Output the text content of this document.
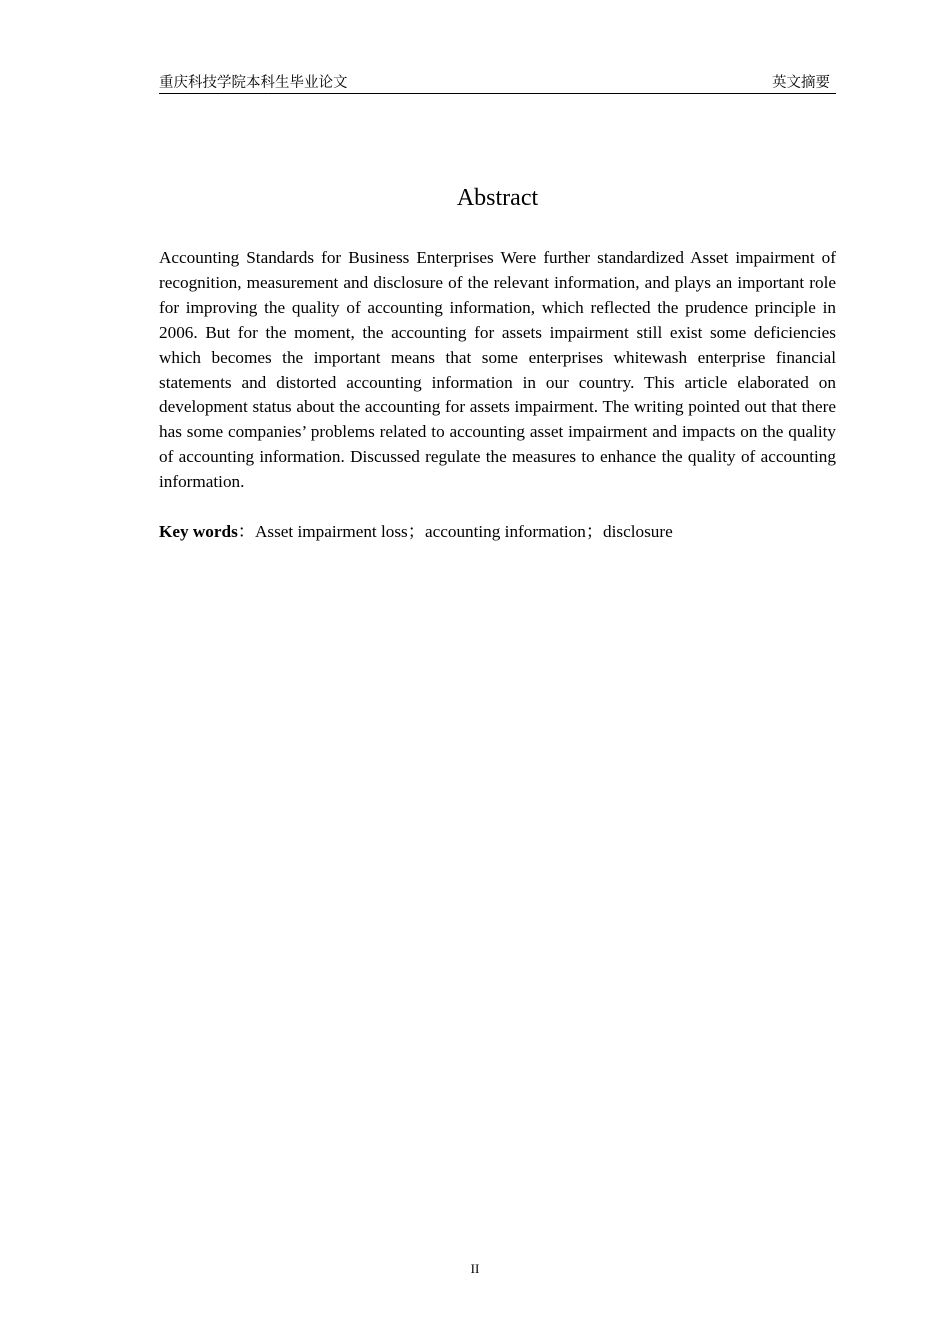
重庆科技学院本科生毕业论文	英文摘要
Abstract

Accounting Standards for Business Enterprises Were further standardized Asset impairment of recognition, measurement and disclosure of the relevant information, and plays an important role for improving the quality of accounting information, which reflected the prudence principle in 2006. But for the moment, the accounting for assets impairment still exist some deficiencies which becomes the important means that some enterprises whitewash enterprise financial statements and distorted accounting information in our country. This article elaborated on development status about the accounting for assets impairment. The writing pointed out that there has some companies’ problems related to accounting asset impairment and impacts on the quality of accounting information. Discussed regulate the measures to enhance the quality of accounting information.

Key words：Asset impairment loss；accounting information；disclosure

II
